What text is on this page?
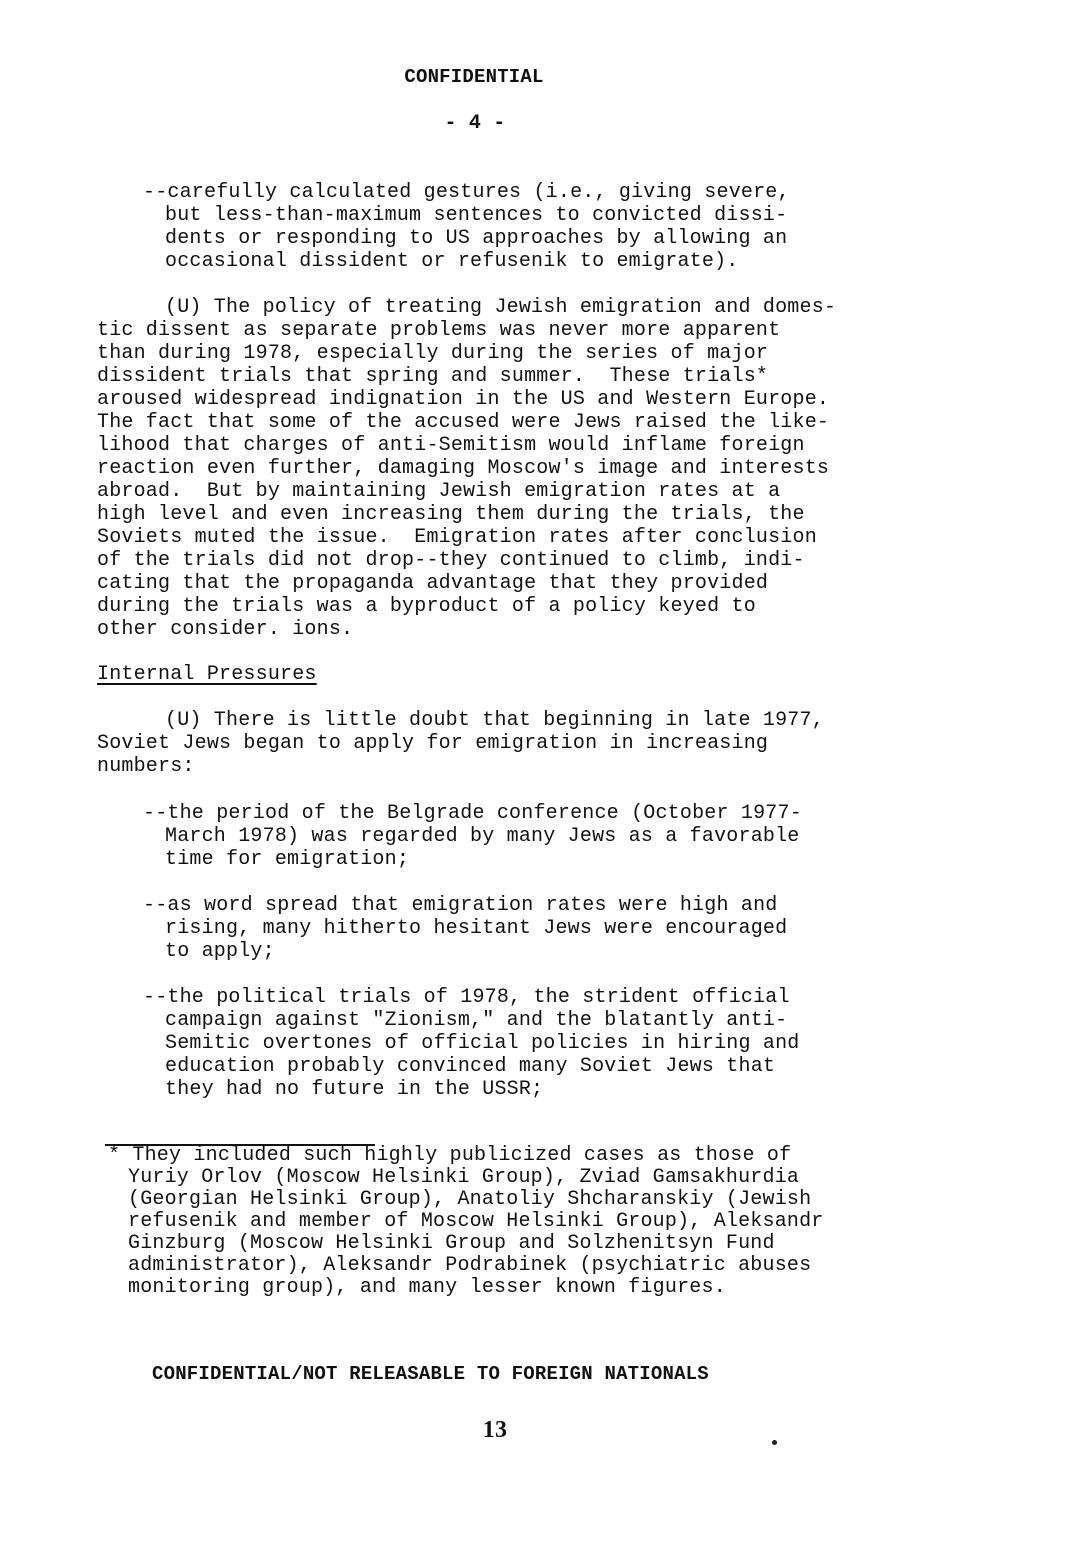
CONFIDENTIAL
- 4 -
--carefully calculated gestures (i.e., giving severe,
but less-than-maximum sentences to convicted dissi-
dents or responding to US approaches by allowing an
occasional dissident or refusenik to emigrate).
(U) The policy of treating Jewish emigration and domes-
tic dissent as separate problems was never more apparent
than during 1978, especially during the series of major
dissident trials that spring and summer.  These trials*
aroused widespread indignation in the US and Western Europe.
The fact that some of the accused were Jews raised the like-
lihood that charges of anti-Semitism would inflame foreign
reaction even further, damaging Moscow's image and interests
abroad.  But by maintaining Jewish emigration rates at a
high level and even increasing them during the trials, the
Soviets muted the issue.  Emigration rates after conclusion
of the trials did not drop--they continued to climb, indi-
cating that the propaganda advantage that they provided
during the trials was a byproduct of a policy keyed to
other consider. ions.
Internal Pressures
(U) There is little doubt that beginning in late 1977,
Soviet Jews began to apply for emigration in increasing
numbers:
--the period of the Belgrade conference (October 1977-
March 1978) was regarded by many Jews as a favorable
time for emigration;
--as word spread that emigration rates were high and
rising, many hitherto hesitant Jews were encouraged
to apply;
--the political trials of 1978, the strident official
campaign against "Zionism," and the blatantly anti-
Semitic overtones of official policies in hiring and
education probably convinced many Soviet Jews that
they had no future in the USSR;
* They included such highly publicized cases as those of
Yuriy Orlov (Moscow Helsinki Group), Zviad Gamsakhurdia
(Georgian Helsinki Group), Anatoliy Shcharanskiy (Jewish
refusenik and member of Moscow Helsinki Group), Aleksandr
Ginzburg (Moscow Helsinki Group and Solzhenitsyn Fund
administrator), Aleksandr Podrabinek (psychiatric abuses
monitoring group), and many lesser known figures.
CONFIDENTIAL/NOT RELEASABLE TO FOREIGN NATIONALS
13
